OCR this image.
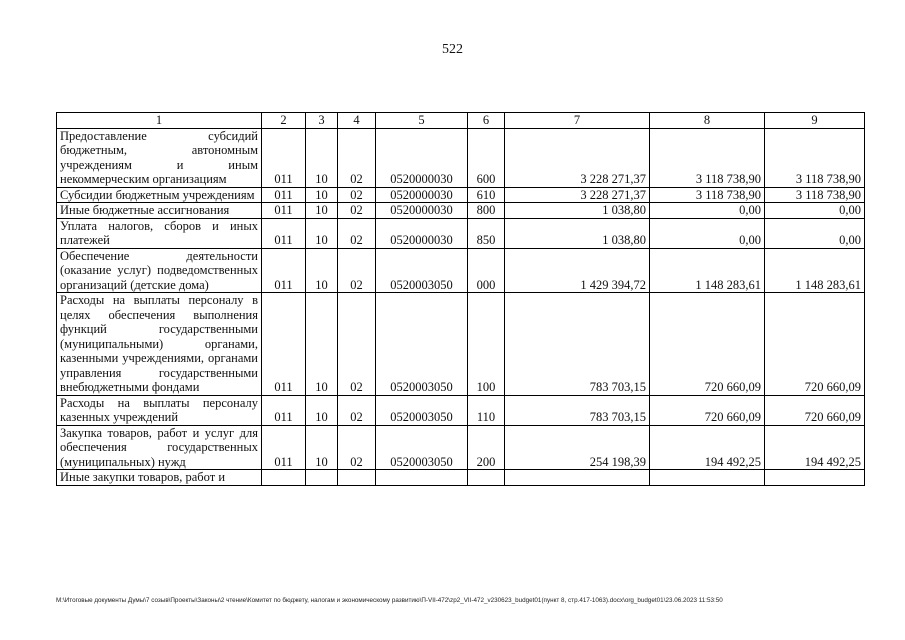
522
1	2	3	4	5	6	7	8	9
Предоставление субсидий бюджетным, автономным учреждениям и иным некоммерческим организациям	011	10	02	0520000030	600	3 228 271,37	3 118 738,90	3 118 738,90
Субсидии бюджетным учреждениям	011	10	02	0520000030	610	3 228 271,37	3 118 738,90	3 118 738,90
Иные бюджетные ассигнования	011	10	02	0520000030	800	1 038,80	0,00	0,00
Уплата налогов, сборов и иных платежей	011	10	02	0520000030	850	1 038,80	0,00	0,00
Обеспечение деятельности (оказание услуг) подведомственных организаций (детские дома)	011	10	02	0520003050	000	1 429 394,72	1 148 283,61	1 148 283,61
Расходы на выплаты персоналу в целях обеспечения выполнения функций государственными (муниципальными) органами, казенными учреждениями, органами управления государственными внебюджетными фондами	011	10	02	0520003050	100	783 703,15	720 660,09	720 660,09
Расходы на выплаты персоналу казенных учреждений	011	10	02	0520003050	110	783 703,15	720 660,09	720 660,09
Закупка товаров, работ и услуг для обеспечения государственных (муниципальных) нужд	011	10	02	0520003050	200	254 198,39	194 492,25	194 492,25
Иные закупки товаров, работ и								
M:\Итоговые документы Думы\7 созыв\Проекты\Законы\2 чтение\Комитет по бюджету, налогам и экономическому развитию\П-VII-472\zp2_VII-472_v230623_budget01(пункт 8, стр.417-1063).docx\org_budget01\23.06.2023 11:53:50
